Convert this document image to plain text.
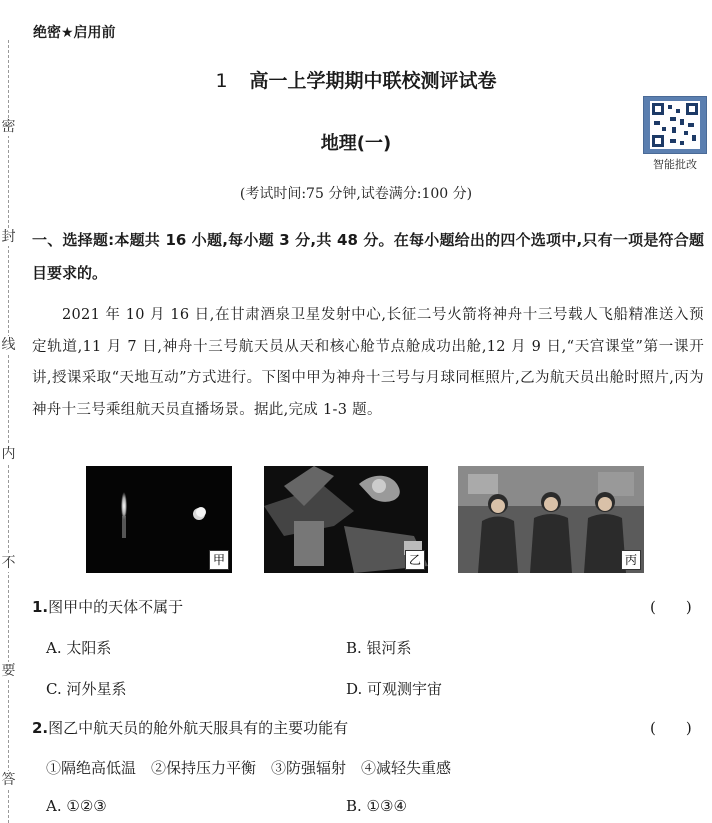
密
封
线
内
不
要
答
绝密★启用前
1 高一上学期期中联校测评试卷
地理(一)
智能批改
(考试时间:75 分钟,试卷满分:100 分)
一、选择题:本题共 16 小题,每小题 3 分,共 48 分。在每小题给出的四个选项中,只有一项是符合题目要求的。
2021 年 10 月 16 日,在甘肃酒泉卫星发射中心,长征二号火箭将神舟十三号载人飞船精准送入预定轨道,11 月 7 日,神舟十三号航天员从天和核心舱节点舱成功出舱,12 月 9 日,“天宫课堂”第一课开讲,授课采取“天地互动”方式进行。下图中甲为神舟十三号与月球同框照片,乙为航天员出舱时照片,丙为神舟十三号乘组航天员直播场景。据此,完成 1-3 题。
甲	乙	丙
1.图甲中的天体不属于	(　　)
A. 太阳系	B. 银河系
C. 河外星系	D. 可观测宇宙
2.图乙中航天员的舱外航天服具有的主要功能有	(　　)
①隔绝高低温　②保持压力平衡　③防强辐射　④减轻失重感
A. ①②③	B. ①③④
